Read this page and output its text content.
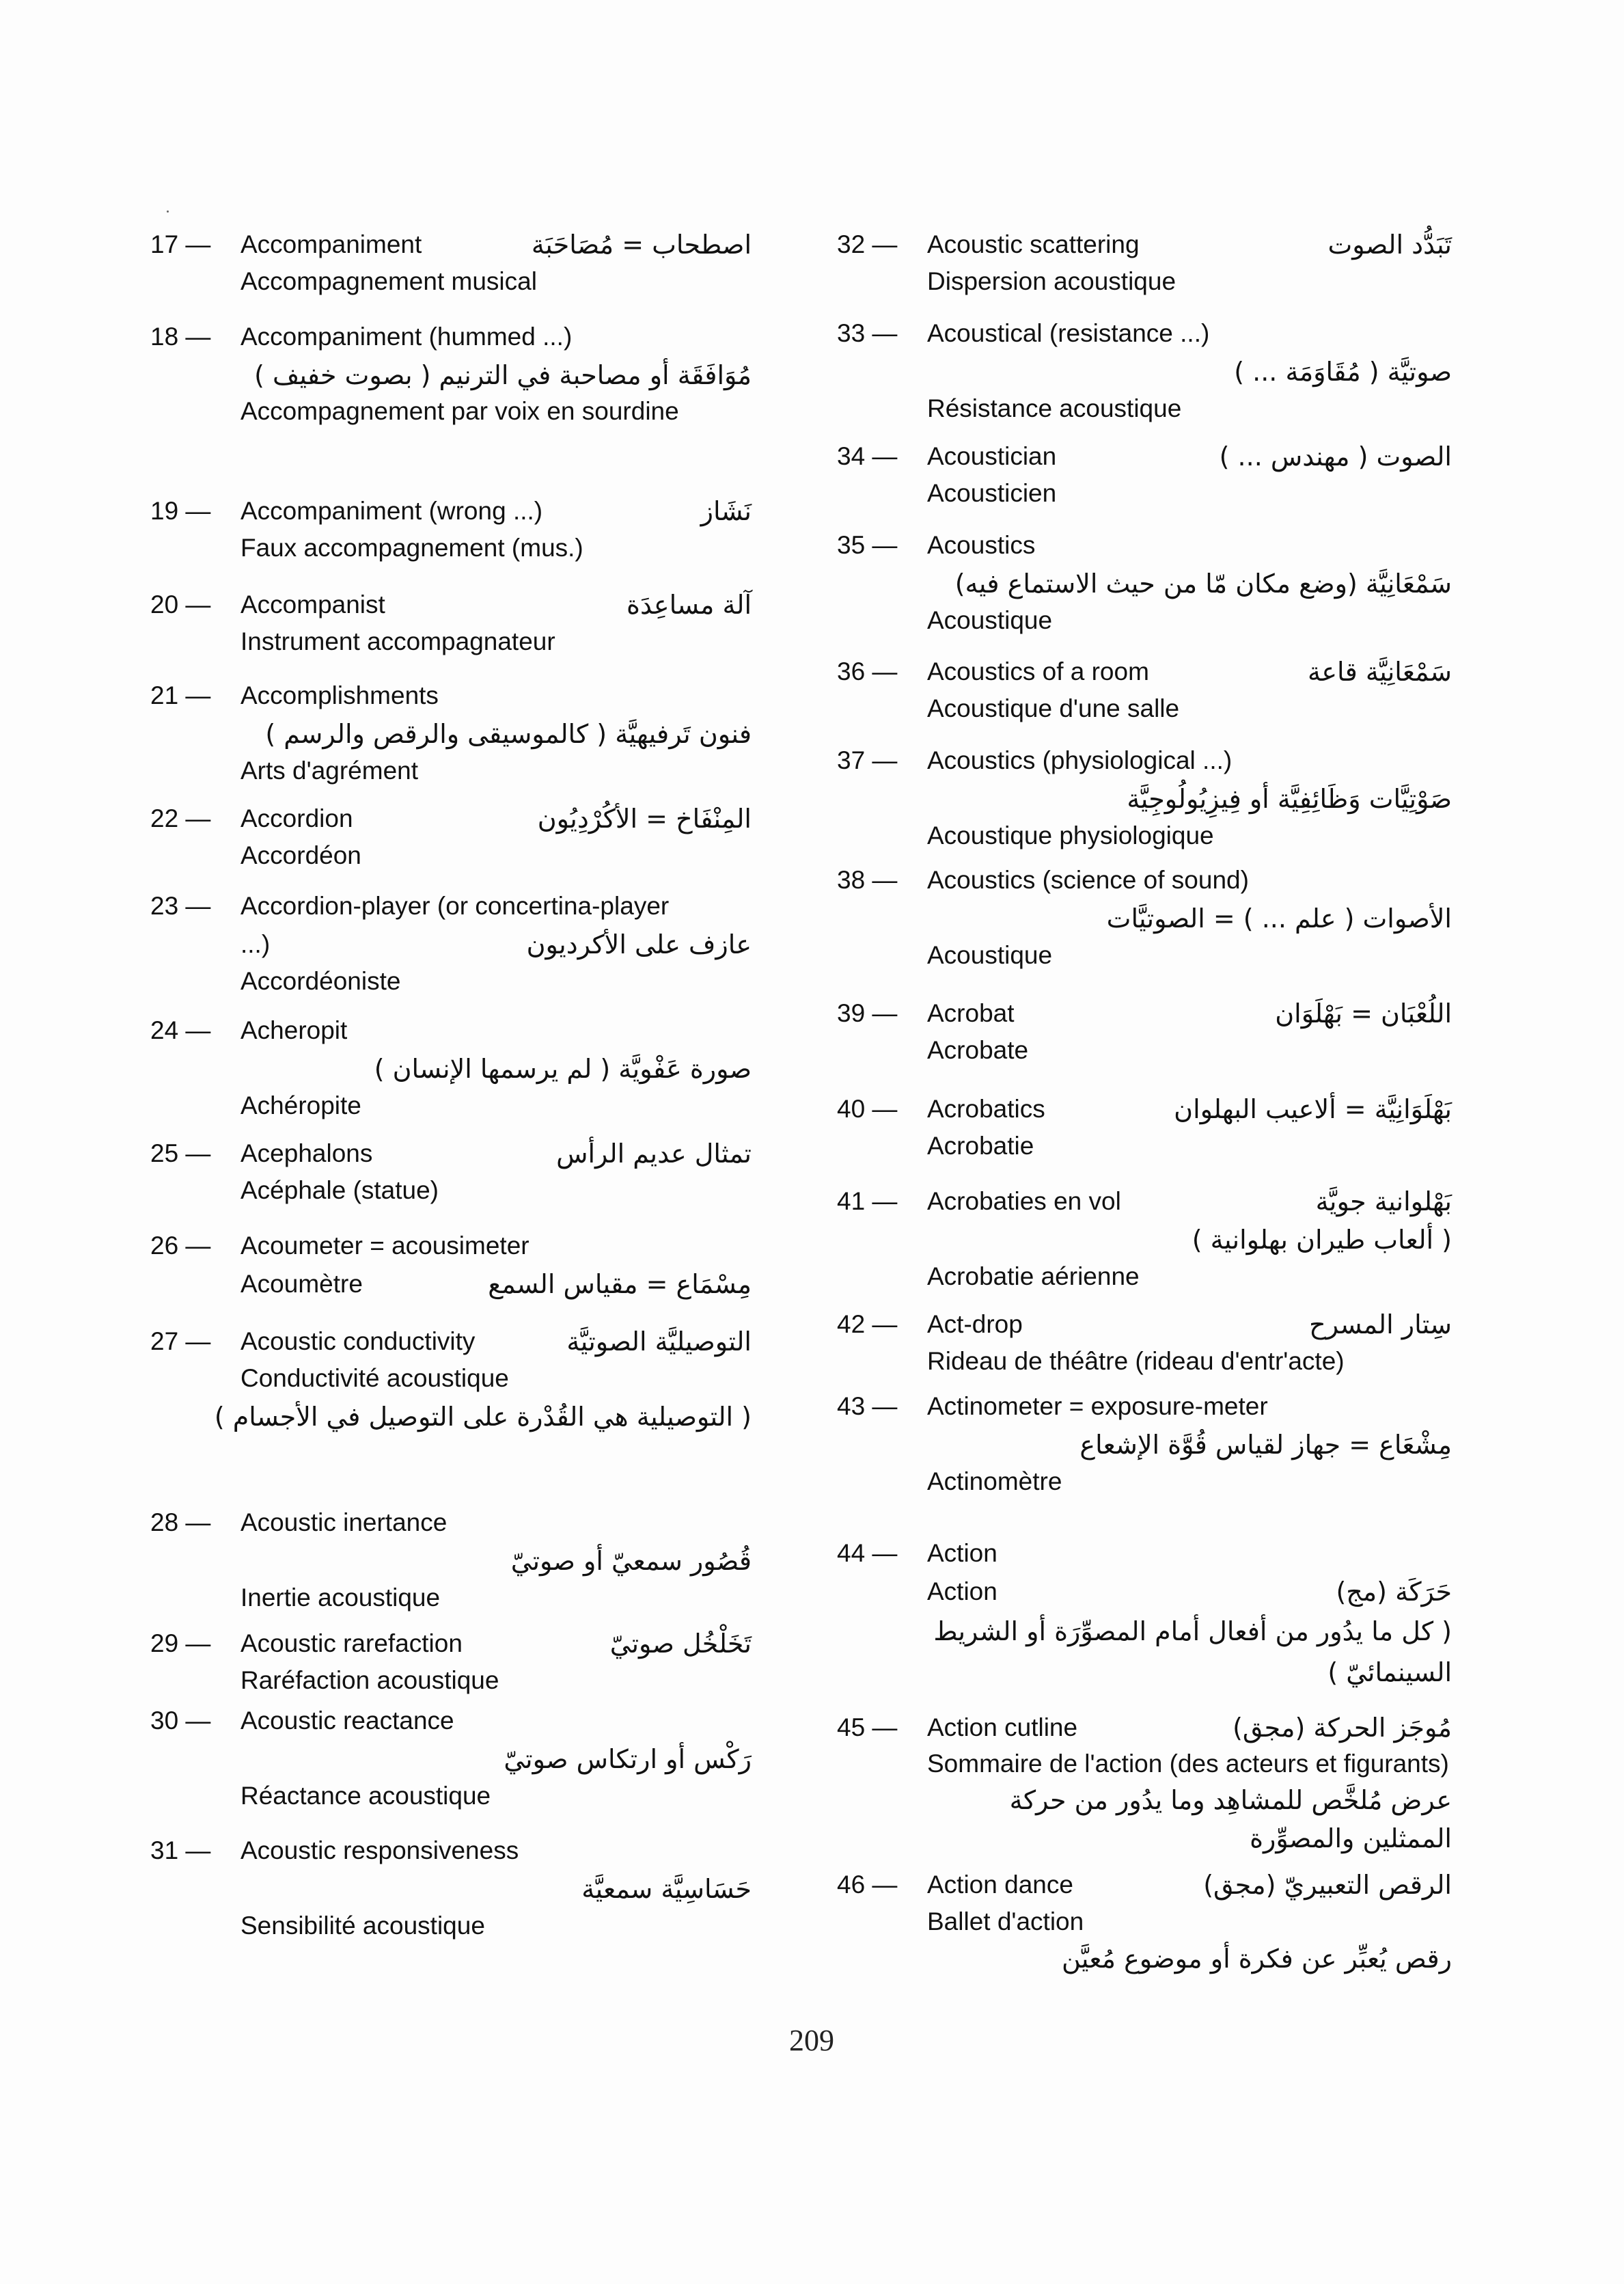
17 — Accompaniment	اصطحاب = مُصَاحَبَة
Accompagnement musical
18 — Accompaniment (hummed ...)
مُوَافَقَة أو مصاحبة في الترنيم ( بصوت خفيف )
Accompagnement par voix en sourdine
19 — Accompaniment (wrong ...)	نَشَاز
Faux accompagnement (mus.)
20 — Accompanist	آلة مساعِدَة
Instrument accompagnateur
21 — Accomplishments
فنون تَرفيهيَّة ( كالموسيقى والرقص والرسم )
Arts d'agrément
22 — Accordion	المِنْفَاخ = الأكُرْدِيُون
Accordéon
23 — Accordion-player (or concertina-player
...)	عازف على الأكرديون
Accordéoniste
24 — Acheropit
صورة عَفْويَّة ( لم يرسمها الإنسان )
Achéropite
25 — Acephalons	تمثال عديم الرأس
Acéphale (statue)
26 — Acoumeter = acousimeter
Acoumètre	مِسْمَاع = مقياس السمع
27 — Acoustic conductivity	التوصيليَّة الصوتيَّة
Conductivité acoustique
( التوصيلية هي القُدْرة على التوصيل في الأجسام )
28 — Acoustic inertance
قُصُور سمعيّ أو صوتيّ
Inertie acoustique
29 — Acoustic rarefaction	تَخَلْخُل صوتيّ
Raréfaction acoustique
30 — Acoustic reactance
رَكْس أو ارتكاس صوتيّ
Réactance acoustique
31 — Acoustic responsiveness
حَسَاسِيَّة سمعيَّة
Sensibilité acoustique
32 — Acoustic scattering	تَبَدُّد الصوت
Dispersion acoustique
33 — Acoustical (resistance ...)
صوتيَّة ( مُقَاوَمَة ... )
Résistance acoustique
34 — Acoustician	الصوت ( مهندس ... )
Acousticien
35 — Acoustics
سَمْعَانِيَّة (وضع مكان مّا من حيث الاستماع فيه)
Acoustique
36 — Acoustics of a room	سَمْعَانِيَّة قاعة
Acoustique d'une salle
37 — Acoustics (physiological ...)
صَوْتِيَّات وَظَائِفِيَّة أو فِيزِيُولُوجِيَّة
Acoustique physiologique
38 — Acoustics (science of sound)
الأصوات ( علم ... ) = الصوتيَّات
Acoustique
39 — Acrobat	اللُعْبَان = بَهْلَوَان
Acrobate
40 — Acrobatics	بَهْلَوَانِيَّة = ألاعيب البهلوان
Acrobatie
41 — Acrobaties en vol	بَهْلوانية جويَّة
( ألعاب طيران بهلوانية )
Acrobatie aérienne
42 — Act-drop	سِتار المسرح
Rideau de théâtre (rideau d'entr'acte)
43 — Actinometer = exposure-meter
مِشْعَاع = جهاز لقياس قُوَّة الإشعاع
Actinomètre
44 — Action
Action	حَرَكَة (مج)
( كل ما يدُور من أفعال أمام المصوِّرَة أو الشريط السينمائيّ )
45 — Action cutline	مُوجَز الحركة (مجق)
Sommaire de l'action (des acteurs et figurants)
عرض مُلخَّص للمشاهِد وما يدُور من حركة الممثلين والمصوِّرة
46 — Action dance	الرقص التعبيريّ (مجق)
Ballet d'action
رقص يُعبِّر عن فكرة أو موضوع مُعيَّن
209
